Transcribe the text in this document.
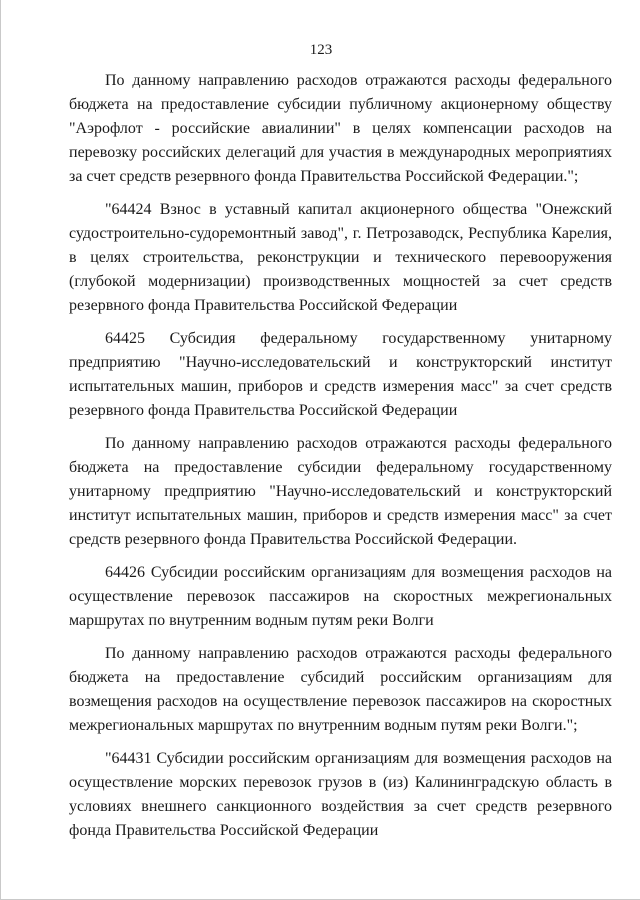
123

По данному направлению расходов отражаются расходы федерального бюджета на предоставление субсидии публичному акционерному обществу "Аэрофлот - российские авиалинии" в целях компенсации расходов на перевозку российских делегаций для участия в международных мероприятиях за счет средств резервного фонда Правительства Российской Федерации.";

"64424 Взнос в уставный капитал акционерного общества "Онежский судостроительно-судоремонтный завод", г. Петрозаводск, Республика Карелия, в целях строительства, реконструкции и технического перевооружения (глубокой модернизации) производственных мощностей за счет средств резервного фонда Правительства Российской Федерации

64425 Субсидия федеральному государственному унитарному предприятию "Научно-исследовательский и конструкторский институт испытательных машин, приборов и средств измерения масс" за счет средств резервного фонда Правительства Российской Федерации

По данному направлению расходов отражаются расходы федерального бюджета на предоставление субсидии федеральному государственному унитарному предприятию "Научно-исследовательский и конструкторский институт испытательных машин, приборов и средств измерения масс" за счет средств резервного фонда Правительства Российской Федерации.

64426 Субсидии российским организациям для возмещения расходов на осуществление перевозок пассажиров на скоростных межрегиональных маршрутах по внутренним водным путям реки Волги

По данному направлению расходов отражаются расходы федерального бюджета на предоставление субсидий российским организациям для возмещения расходов на осуществление перевозок пассажиров на скоростных межрегиональных маршрутах по внутренним водным путям реки Волги.";

"64431 Субсидии российским организациям для возмещения расходов на осуществление морских перевозок грузов в (из) Калининградскую область в условиях внешнего санкционного воздействия за счет средств резервного фонда Правительства Российской Федерации
